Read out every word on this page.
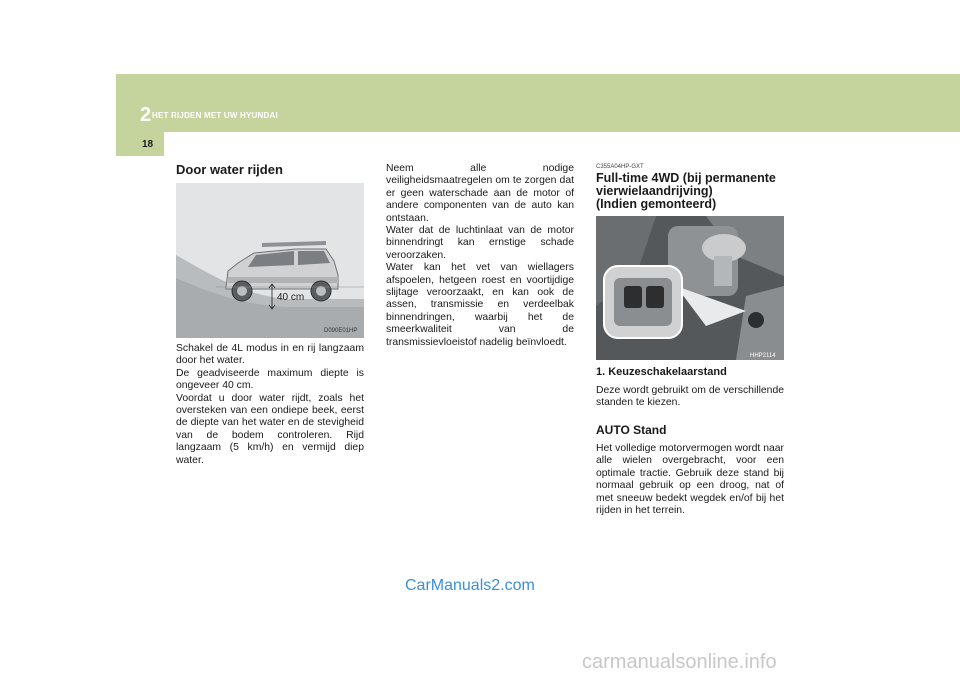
2 HET RIJDEN MET UW HYUNDAI
18
Door water rijden
40 cm
D090E01HP

Schakel de 4L modus in en rij langzaam door het water.

De geadviseerde maximum diepte is ongeveer 40 cm.

Voordat u door water rijdt, zoals het oversteken van een ondiepe beek, eerst de diepte van het water en de stevigheid van de bodem controleren. Rijd langzaam (5 km/h) en vermijd diep water.

Neem alle nodige veiligheidsmaatregelen om te zorgen dat er geen waterschade aan de motor of andere componenten van de auto kan ontstaan.

Water dat de luchtinlaat van de motor binnendringt kan ernstige schade veroorzaken.

Water kan het vet van wiellagers afspoelen, hetgeen roest en voortijdige slijtage veroorzaakt, en kan ook de assen, transmissie en verdeelbak binnendringen, waarbij het de smeerkwaliteit van de transmissievloeistof nadelig beïnvloedt.

C355A04HP-GXT
Full-time 4WD (bij permanente
vierwielaandrijving)
(Indien gemonteerd)
HHP2114
1. Keuzeschakelaarstand
Deze wordt gebruikt om de verschillende standen te kiezen.
AUTO Stand
Het volledige motorvermogen wordt naar alle wielen overgebracht, voor een optimale tractie. Gebruik deze stand bij normaal gebruik op een droog, nat of met sneeuw bedekt wegdek en/of bij het rijden in het terrein.
CarManuals2.com
carmanualsonline.info
